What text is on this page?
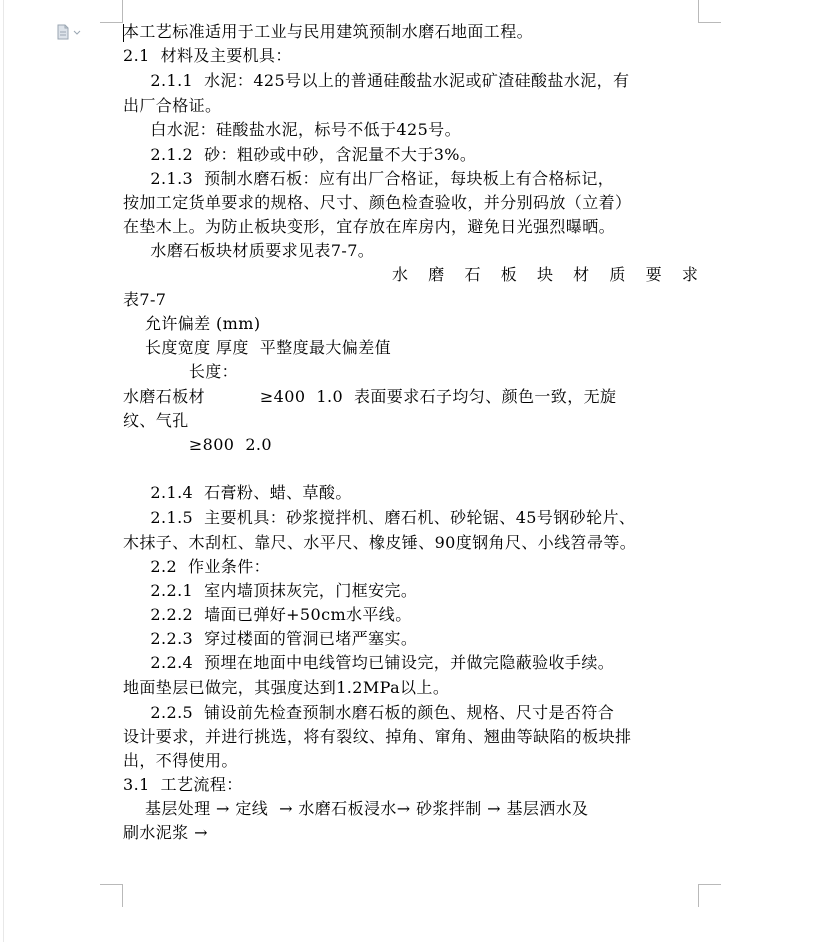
本工艺标准适用于工业与民用建筑预制水磨石地面工程。
2.1  材料及主要机具：
2.1.1  水泥：425号以上的普通硅酸盐水泥或矿渣硅酸盐水泥，有
出厂合格证。
白水泥：硅酸盐水泥，标号不低于425号。
2.1.2  砂：粗砂或中砂，含泥量不大于3%。
2.1.3  预制水磨石板：应有出厂合格证，每块板上有合格标记，
按加工定货单要求的规格、尺寸、颜色检查验收，并分别码放（立着）
在垫木上。为防止板块变形，宜存放在库房内，避免日光强烈曝晒。
水磨石板块材质要求见表7-7。
水 磨 石 板 块 材 质 要 求
表7-7
允许偏差 (mm)
长度宽度 厚度  平整度最大偏差值
长度：
水磨石板材          ≥400  1.0  表面要求石子均匀、颜色一致，无旋
纹、气孔
≥800  2.0
2.1.4  石膏粉、蜡、草酸。
2.1.5  主要机具：砂浆搅拌机、磨石机、砂轮锯、45号钢砂轮片、
木抹子、木刮杠、靠尺、水平尺、橡皮锤、90度钢角尺、小线笤帚等。
2.2  作业条件：
2.2.1  室内墙顶抹灰完，门框安完。
2.2.2  墙面已弹好+50cm水平线。
2.2.3  穿过楼面的管洞已堵严塞实。
2.2.4  预埋在地面中电线管均已铺设完，并做完隐蔽验收手续。
地面垫层已做完，其强度达到1.2MPa以上。
2.2.5  铺设前先检查预制水磨石板的颜色、规格、尺寸是否符合
设计要求，并进行挑选，将有裂纹、掉角、窜角、翘曲等缺陷的板块排
出，不得使用。
3.1  工艺流程：
基层处理 → 定线  → 水磨石板浸水→ 砂浆拌制 → 基层洒水及
刷水泥浆 →
